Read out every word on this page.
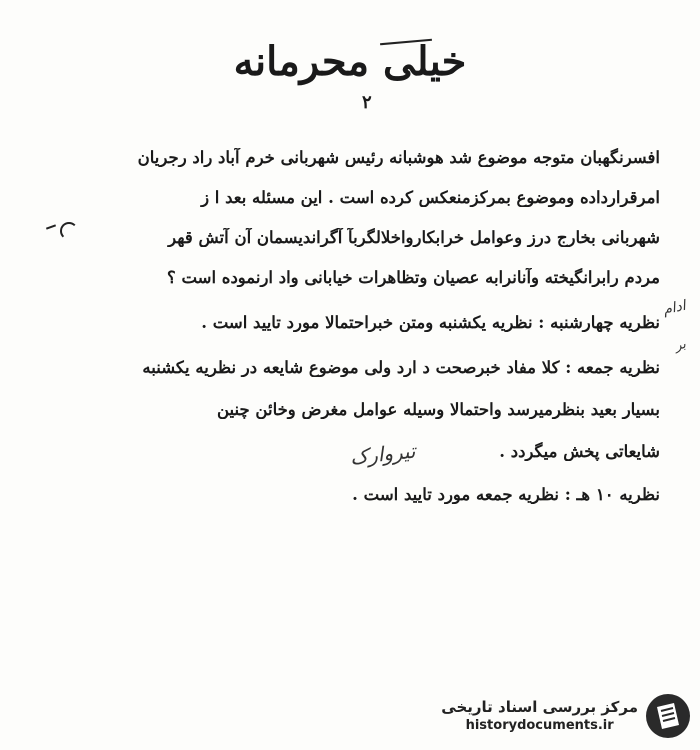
خیلی محرمانه
۲
افسرنگهبان متوجه موضوع شد هوشبانه رئیس شهربانی خرم آباد راد رجریان
امرقرارداده وموضوع بمرکزمنعکس کرده است . این مسئله بعد ا ز
شهربانی بخارج درز وعوامل خرابکارواخلالگربآ آگراندیسمان آن آتش قهر
مردم رابرانگیخته وآنانرابه عصیان وتظاهرات خیابانی واد ارنموده است ؟
نظریه چهارشنبه : نظریه یکشنبه ومتن خبراحتمالا مورد تایید است .
نظریه جمعه : کلا مفاد خبرصحت د ارد ولی موضوع شایعه در نظریه یکشنبه
بسیار بعید بنظرمیرسد واحتمالا وسیله عوامل مغرض وخائن چنین
شایعاتی پخش میگردد .
نظریه ۱۰ هـ : نظریه جمعه مورد تایید است .
ادام
بر
تیروارک
مرکز بررسی اسناد تاریخی
historydocuments.ir
